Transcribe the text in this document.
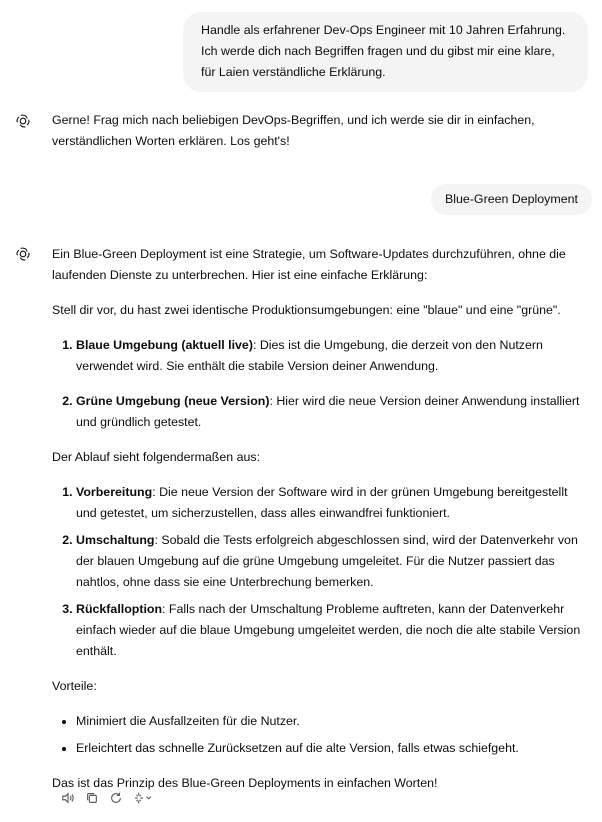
Handle als erfahrener Dev-Ops Engineer mit 10 Jahren Erfahrung. Ich werde dich nach Begriffen fragen und du gibst mir eine klare, für Laien verständliche Erklärung.

Gerne! Frag mich nach beliebigen DevOps-Begriffen, und ich werde sie dir in einfachen, verständlichen Worten erklären. Los geht's!

Blue-Green Deployment

Ein Blue-Green Deployment ist eine Strategie, um Software-Updates durchzuführen, ohne die laufenden Dienste zu unterbrechen. Hier ist eine einfache Erklärung:

Stell dir vor, du hast zwei identische Produktionsumgebungen: eine "blaue" und eine "grüne".

1. Blaue Umgebung (aktuell live): Dies ist die Umgebung, die derzeit von den Nutzern verwendet wird. Sie enthält die stabile Version deiner Anwendung.
2. Grüne Umgebung (neue Version): Hier wird die neue Version deiner Anwendung installiert und gründlich getestet.

Der Ablauf sieht folgendermaßen aus:

1. Vorbereitung: Die neue Version der Software wird in der grünen Umgebung bereitgestellt und getestet, um sicherzustellen, dass alles einwandfrei funktioniert.
2. Umschaltung: Sobald die Tests erfolgreich abgeschlossen sind, wird der Datenverkehr von der blauen Umgebung auf die grüne Umgebung umgeleitet. Für die Nutzer passiert das nahtlos, ohne dass sie eine Unterbrechung bemerken.
3. Rückfalloption: Falls nach der Umschaltung Probleme auftreten, kann der Datenverkehr einfach wieder auf die blaue Umgebung umgeleitet werden, die noch die alte stabile Version enthält.

Vorteile:

• Minimiert die Ausfallzeiten für die Nutzer.
• Erleichtert das schnelle Zurücksetzen auf die alte Version, falls etwas schiefgeht.

Das ist das Prinzip des Blue-Green Deployments in einfachen Worten!
